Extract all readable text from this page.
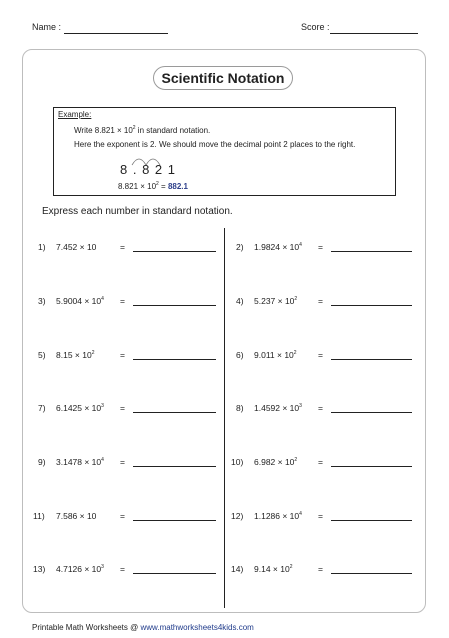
Name :	Score :
Scientific Notation
Example:
Write $8.821 \times 10^2$ in standard notation.
Here the exponent is 2. We should move the decimal point 2 places to the right.
8 . 8 2 1
$8.821 \times 10^2 = 882.1$
Express each number in standard notation.
1) 7.452 × 10	=	2) $1.9824 \times 10^4$ =
3) $5.9004 \times 10^4$ =	4) $5.237 \times 10^2$ =
5) $8.15 \times 10^2$	=	6) $9.011 \times 10^2$	=
7) $6.1425 \times 10^3$ =	8) $1.4592 \times 10^3$ =
9) $3.1478 \times 10^4$ =	10) $6.982 \times 10^2$ =
11) 7.586 × 10	=	12) $1.1286 \times 10^4$ =
13) $4.7126 \times 10^3$ =	14) $9.14 \times 10^2$	=
Printable Math Worksheets @ www.mathworksheets4kids.com
